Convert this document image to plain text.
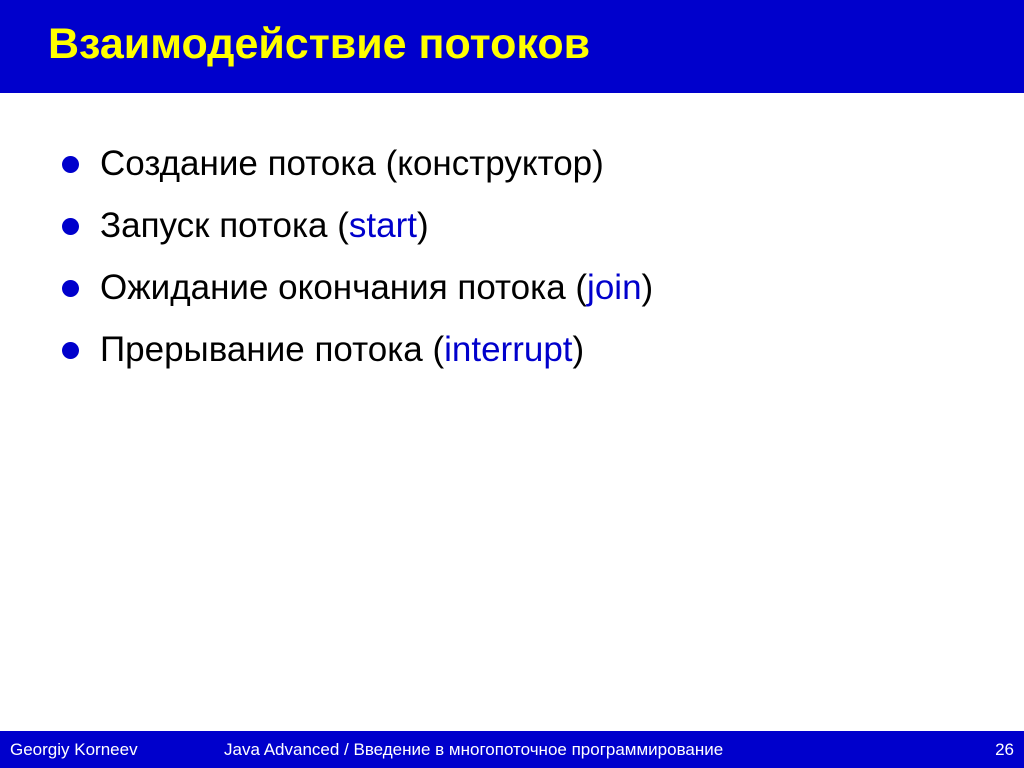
Взаимодействие потоков
Создание потока (конструктор)
Запуск потока ( start )
Ожидание окончания потока ( join )
Прерывание потока ( interrupt )
Georgiy Korneev	Java Advanced / Введение в многопоточное программирование	26
